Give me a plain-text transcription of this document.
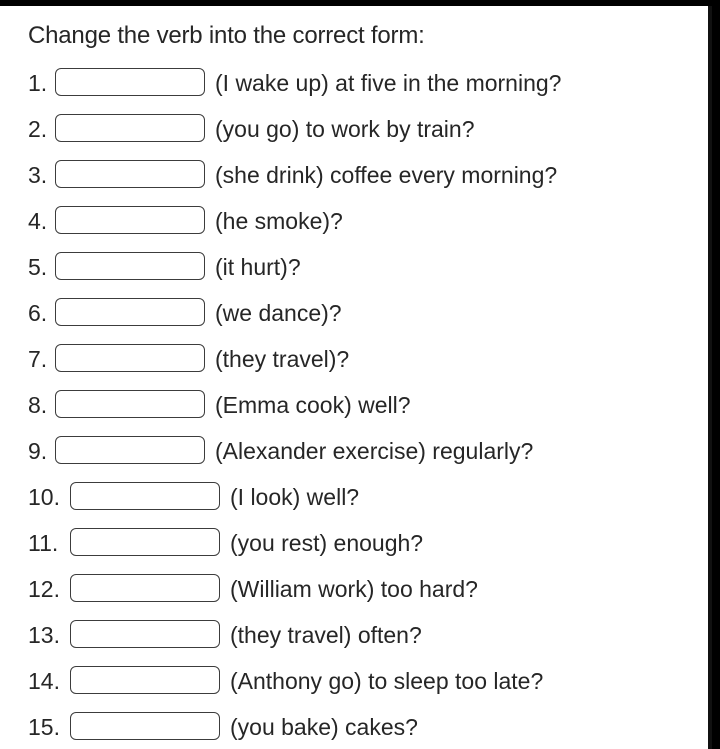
Change the verb into the correct form:
1.	(I wake up) at five in the morning?
2.	(you go) to work by train?
3.	(she drink) coffee every morning?
4.	(he smoke)?
5.	(it hurt)?
6.	(we dance)?
7.	(they travel)?
8.	(Emma cook) well?
9.	(Alexander exercise) regularly?
10.	(I look) well?
11.	(you rest) enough?
12.	(William work) too hard?
13.	(they travel) often?
14.	(Anthony go) to sleep too late?
15.	(you bake) cakes?
